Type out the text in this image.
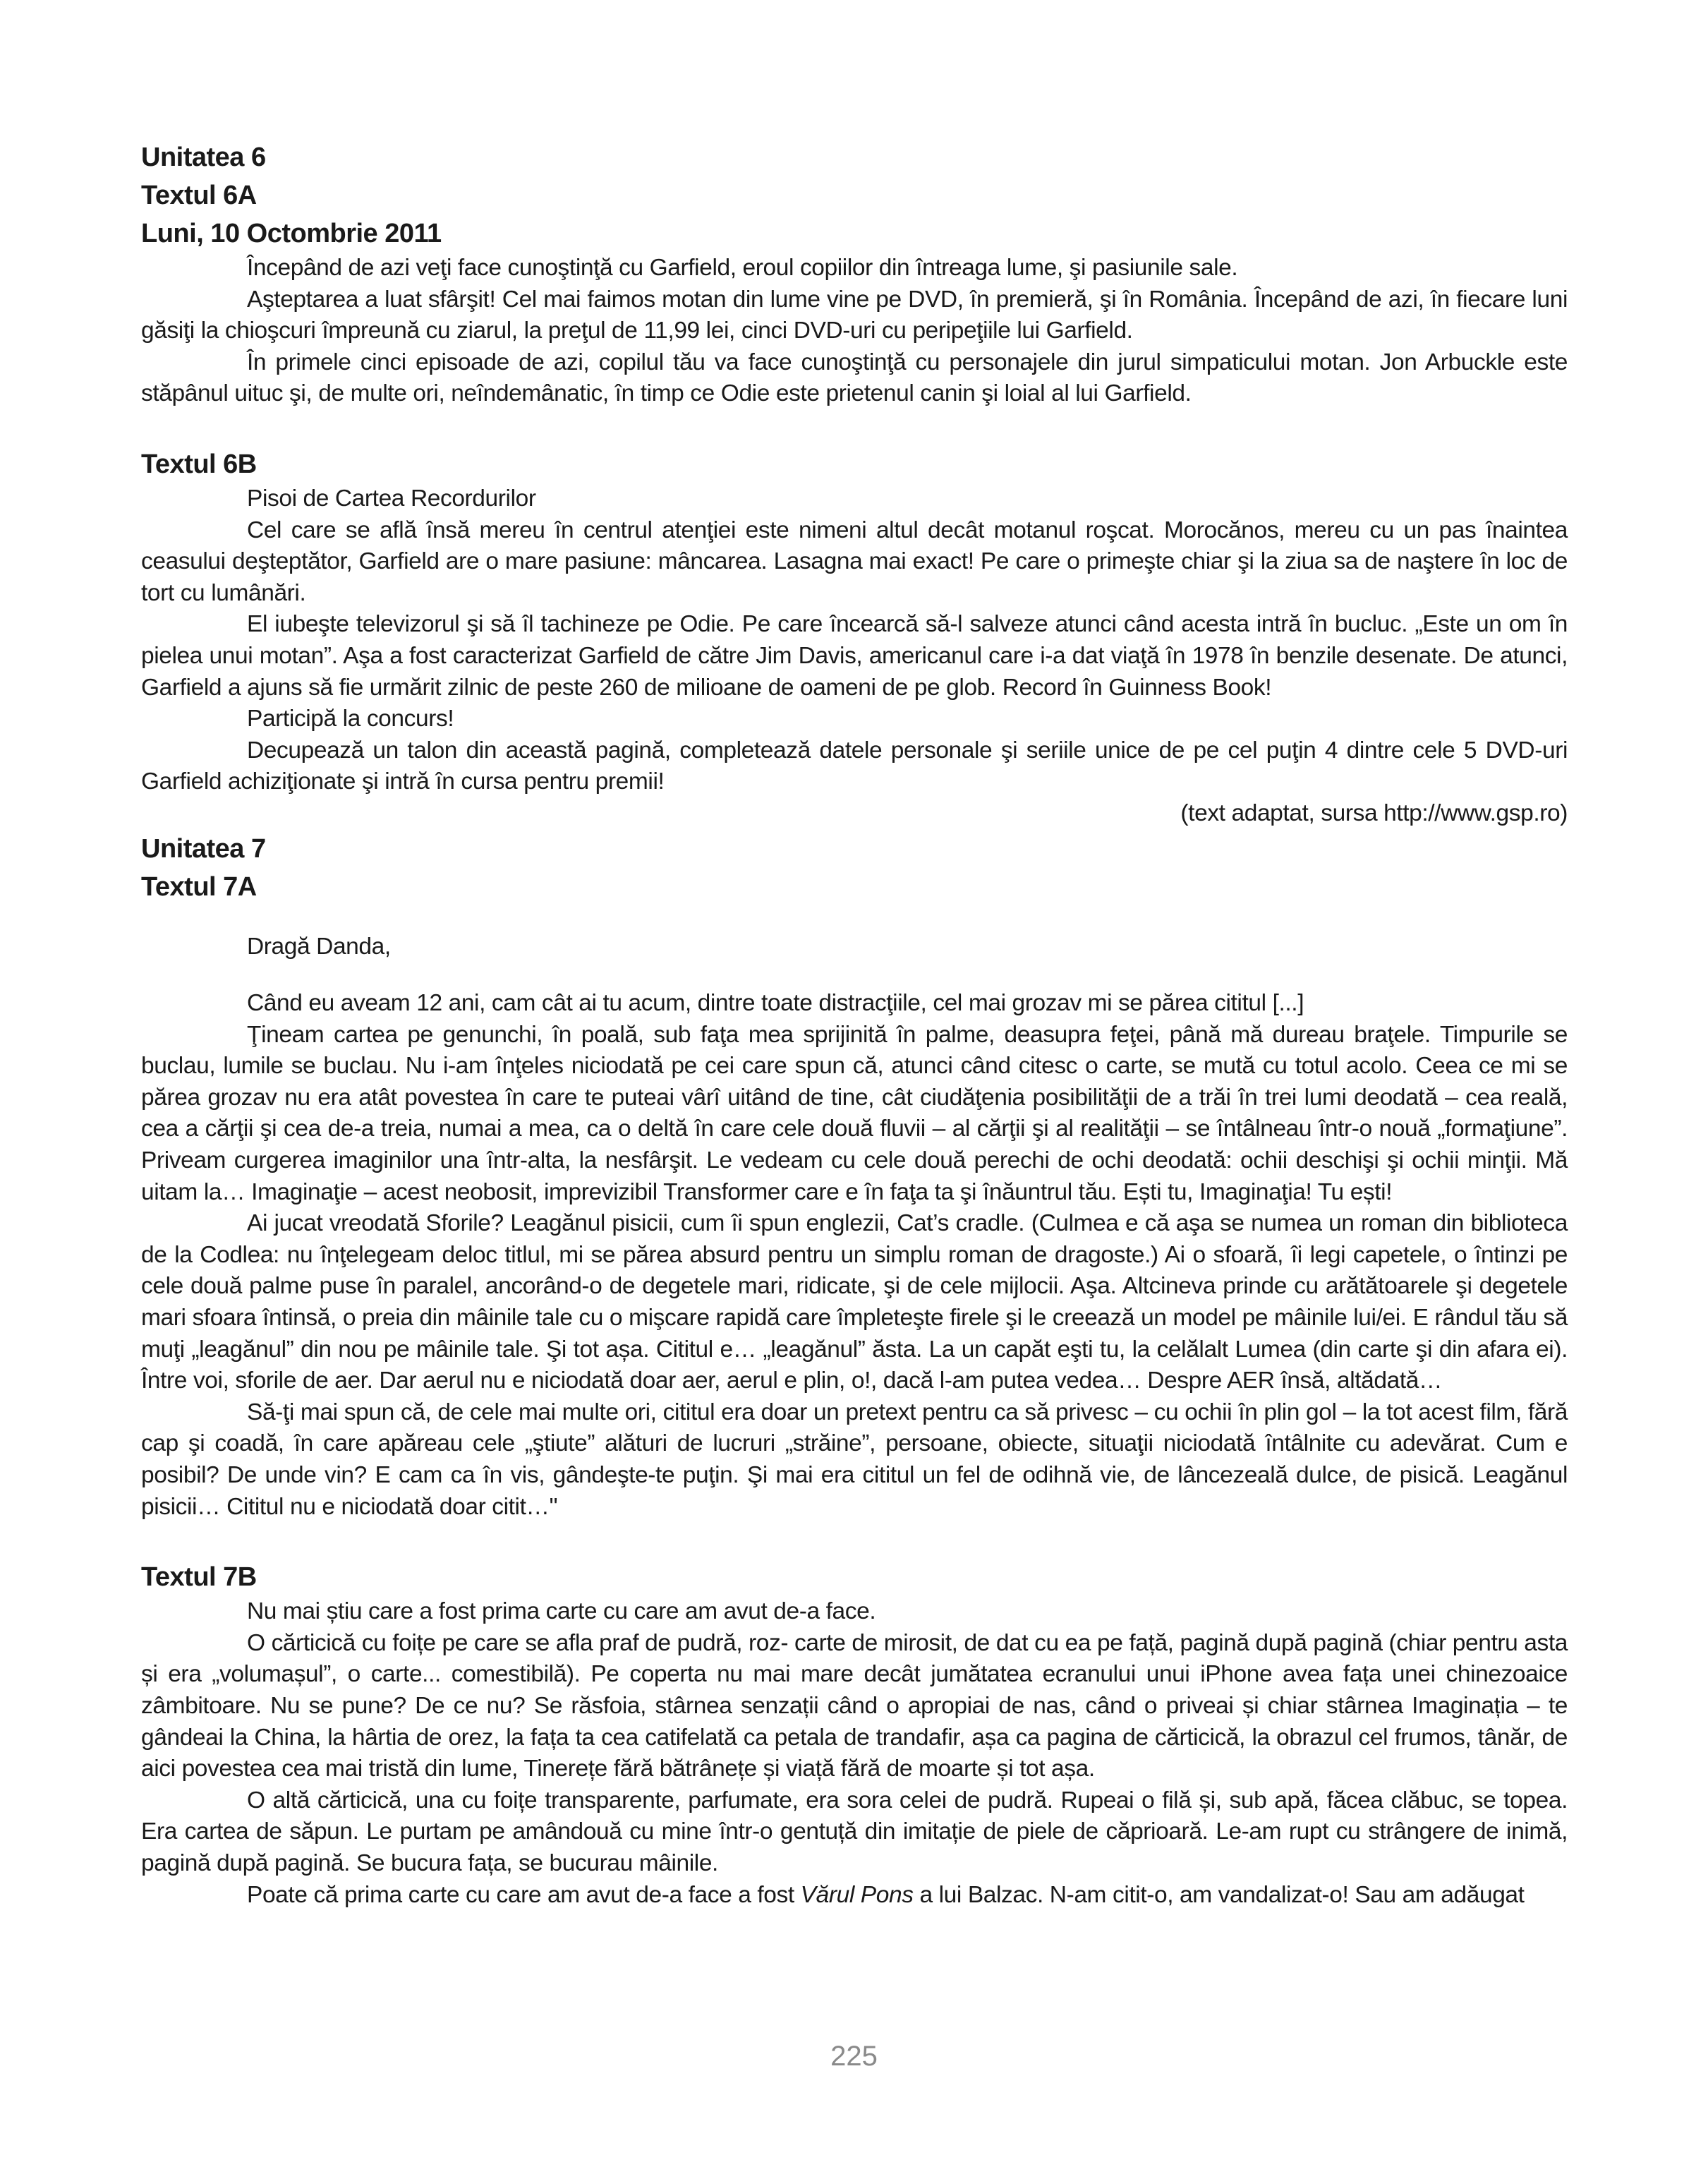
Unitatea 6
Textul 6A
Luni, 10 Octombrie 2011

Începând de azi veţi face cunoştinţă cu Garfield, eroul copiilor din întreaga lume, şi pasiunile sale.

Aşteptarea a luat sfârşit! Cel mai faimos motan din lume vine pe DVD, în premieră, şi în România. Începând de azi, în fiecare luni găsiţi la chioşcuri împreună cu ziarul, la preţul de 11,99 lei, cinci DVD-uri cu peripeţiile lui Garfield.

În primele cinci episoade de azi, copilul tău va face cunoştinţă cu personajele din jurul simpaticului motan. Jon Arbuckle este stăpânul uituc şi, de multe ori, neîndemânatic, în timp ce Odie este prietenul canin şi loial al lui Garfield.

Textul 6B

Pisoi de Cartea Recordurilor

Cel care se află însă mereu în centrul atenţiei este nimeni altul decât motanul roşcat. Morocănos, mereu cu un pas înaintea ceasului deşteptător, Garfield are o mare pasiune: mâncarea. Lasagna mai exact! Pe care o primeşte chiar şi la ziua sa de naştere în loc de tort cu lumânări.

El iubeşte televizorul şi să îl tachineze pe Odie. Pe care încearcă să-l salveze atunci când acesta intră în bucluc. „Este un om în pielea unui motan”. Aşa a fost caracterizat Garfield de către Jim Davis, americanul care i-a dat viaţă în 1978 în benzile desenate. De atunci, Garfield a ajuns să fie urmărit zilnic de peste 260 de milioane de oameni de pe glob. Record în Guinness Book!

Participă la concurs!

Decupează un talon din această pagină, completează datele personale şi seriile unice de pe cel puţin 4 dintre cele 5 DVD-uri Garfield achiziţionate şi intră în cursa pentru premii!

(text adaptat, sursa http://www.gsp.ro)

Unitatea 7
Textul 7A

Dragă Danda,

Când eu aveam 12 ani, cam cât ai tu acum, dintre toate distracţiile, cel mai grozav mi se părea cititul [...]

Ţineam cartea pe genunchi, în poală, sub faţa mea sprijinită în palme, deasupra feţei, până mă dureau braţele. Timpurile se buclau, lumile se buclau. Nu i-am înţeles niciodată pe cei care spun că, atunci când citesc o carte, se mută cu totul acolo. Ceea ce mi se părea grozav nu era atât povestea în care te puteai vârî uitând de tine, cât ciudăţenia posibilităţii de a trăi în trei lumi deodată – cea reală, cea a cărţii şi cea de-a treia, numai a mea, ca o deltă în care cele două fluvii – al cărţii şi al realităţii – se întâlneau într-o nouă „formaţiune”. Priveam curgerea imaginilor una într-alta, la nesfârşit. Le vedeam cu cele două perechi de ochi deodată: ochii deschişi şi ochii minţii. Mă uitam la… Imaginaţie – acest neobosit, imprevizibil Transformer care e în faţa ta şi înăuntrul tău. Ești tu, Imaginaţia! Tu ești!

Ai jucat vreodată Sforile? Leagănul pisicii, cum îi spun englezii, Cat’s cradle. (Culmea e că aşa se numea un roman din biblioteca de la Codlea: nu înţelegeam deloc titlul, mi se părea absurd pentru un simplu roman de dragoste.) Ai o sfoară, îi legi capetele, o întinzi pe cele două palme puse în paralel, ancorând-o de degetele mari, ridicate, şi de cele mijlocii. Aşa. Altcineva prinde cu arătătoarele şi degetele mari sfoara întinsă, o preia din mâinile tale cu o mişcare rapidă care împleteşte firele şi le creează un model pe mâinile lui/ei. E rândul tău să muţi „leagănul” din nou pe mâinile tale. Şi tot așa. Cititul e… „leagănul” ăsta. La un capăt eşti tu, la celălalt Lumea (din carte şi din afara ei). Între voi, sforile de aer. Dar aerul nu e niciodată doar aer, aerul e plin, o!, dacă l-am putea vedea… Despre AER însă, altădată…

Să-ţi mai spun că, de cele mai multe ori, cititul era doar un pretext pentru ca să privesc – cu ochii în plin gol – la tot acest film, fără cap şi coadă, în care apăreau cele „ştiute” alături de lucruri „străine”, persoane, obiecte, situaţii niciodată întâlnite cu adevărat. Cum e posibil? De unde vin? E cam ca în vis, gândeşte-te puţin. Şi mai era cititul un fel de odihnă vie, de lâncezeală dulce, de pisică. Leagănul pisicii… Cititul nu e niciodată doar citit…"

Textul 7B

Nu mai știu care a fost prima carte cu care am avut de-a face.

O cărticică cu foițe pe care se afla praf de pudră, roz- carte de mirosit, de dat cu ea pe față, pagină după pagină (chiar pentru asta și era „volumașul”, o carte... comestibilă). Pe coperta nu mai mare decât jumătatea ecranului unui iPhone avea fața unei chinezoaice zâmbitoare. Nu se pune? De ce nu? Se răsfoia, stârnea senzații când o apropiai de nas, când o priveai și chiar stârnea Imaginația – te gândeai la China, la hârtia de orez, la fața ta cea catifelată ca petala de trandafir, așa ca pagina de cărticică, la obrazul cel frumos, tânăr, de aici povestea cea mai tristă din lume, Tinerețe fără bătrânețe și viață fără de moarte și tot așa.

O altă cărticică, una cu foițe transparente, parfumate, era sora celei de pudră. Rupeai o filă și, sub apă, făcea clăbuc, se topea. Era cartea de săpun. Le purtam pe amândouă cu mine într-o gentuță din imitație de piele de căprioară. Le-am rupt cu strângere de inimă, pagină după pagină. Se bucura fața, se bucurau mâinile.

Poate că prima carte cu care am avut de-a face a fost Vărul Pons a lui Balzac. N-am citit-o, am vandalizat-o! Sau am adăugat

225
